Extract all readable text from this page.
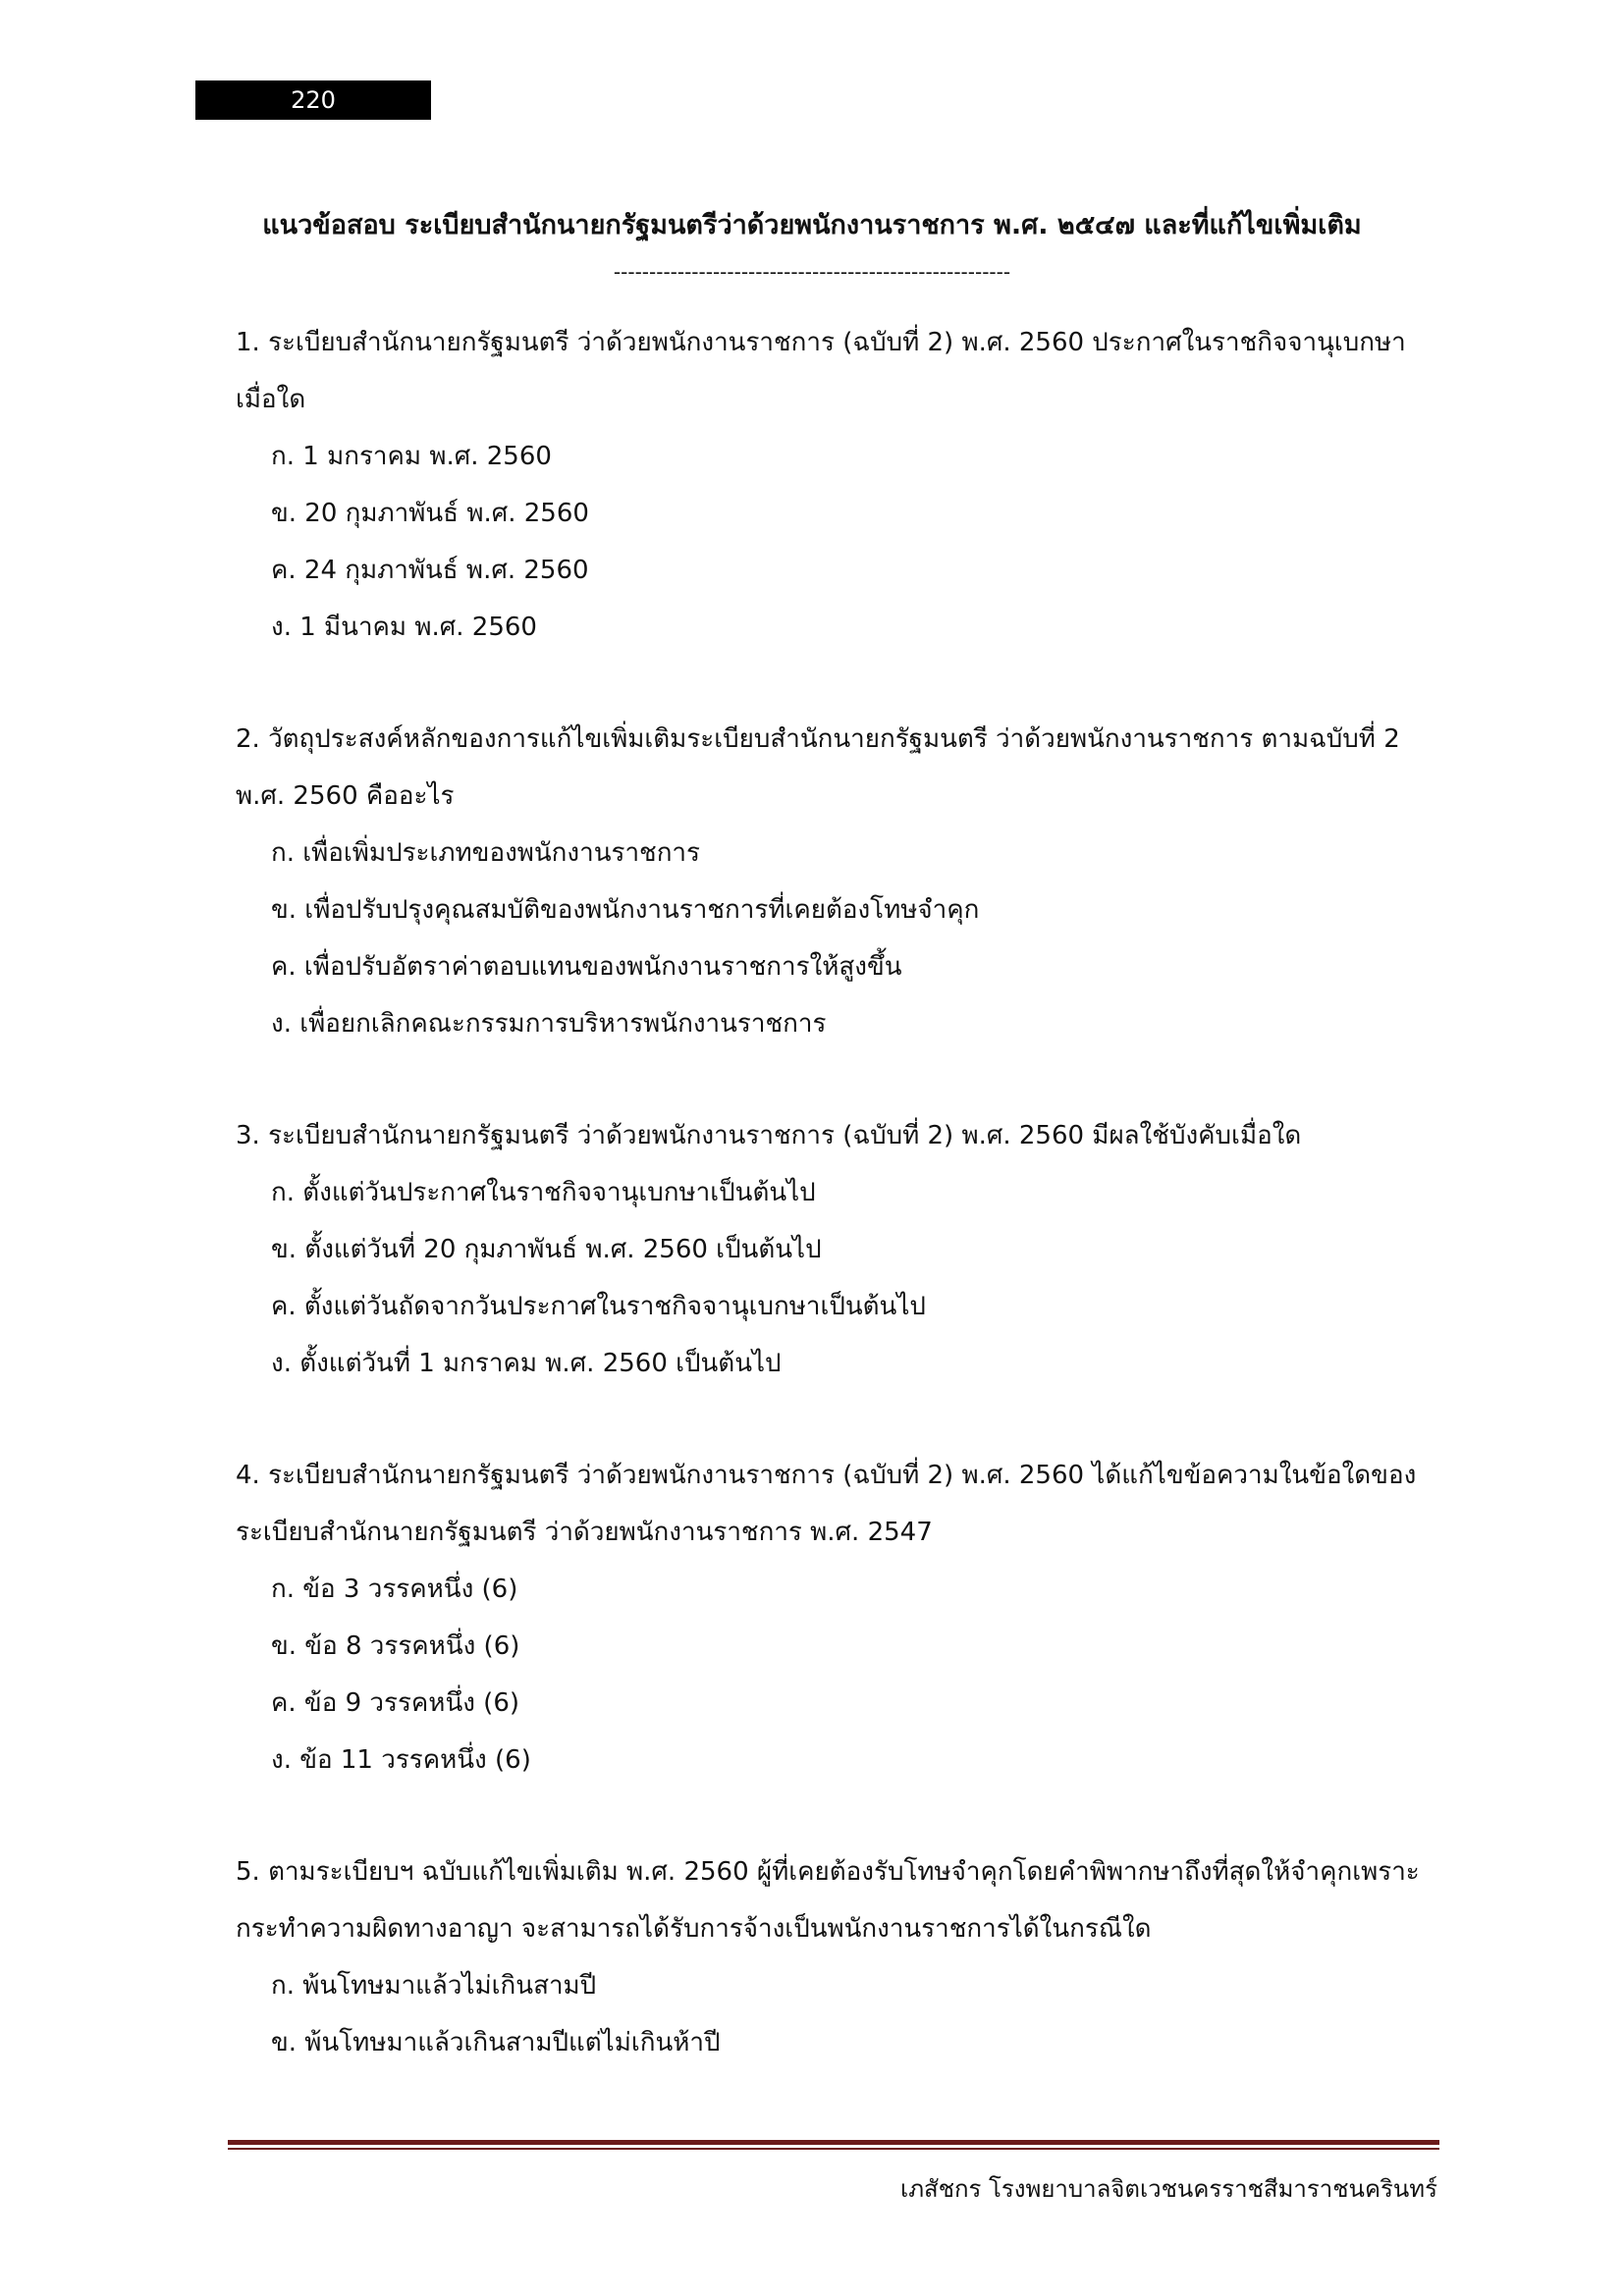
220
แนวข้อสอบ ระเบียบสำนักนายกรัฐมนตรีว่าด้วยพนักงานราชการ พ.ศ. ๒๕๔๗ และที่แก้ไขเพิ่มเติม
--------------------------------------------------------
1. ระเบียบสำนักนายกรัฐมนตรี ว่าด้วยพนักงานราชการ (ฉบับที่ 2) พ.ศ. 2560 ประกาศในราชกิจจานุเบกษาเมื่อใด
ก. 1 มกราคม พ.ศ. 2560
ข. 20 กุมภาพันธ์ พ.ศ. 2560
ค. 24 กุมภาพันธ์ พ.ศ. 2560
ง. 1 มีนาคม พ.ศ. 2560
2. วัตถุประสงค์หลักของการแก้ไขเพิ่มเติมระเบียบสำนักนายกรัฐมนตรี ว่าด้วยพนักงานราชการ ตามฉบับที่ 2 พ.ศ. 2560 คืออะไร
ก. เพื่อเพิ่มประเภทของพนักงานราชการ
ข. เพื่อปรับปรุงคุณสมบัติของพนักงานราชการที่เคยต้องโทษจำคุก
ค. เพื่อปรับอัตราค่าตอบแทนของพนักงานราชการให้สูงขึ้น
ง. เพื่อยกเลิกคณะกรรมการบริหารพนักงานราชการ
3. ระเบียบสำนักนายกรัฐมนตรี ว่าด้วยพนักงานราชการ (ฉบับที่ 2) พ.ศ. 2560 มีผลใช้บังคับเมื่อใด
ก. ตั้งแต่วันประกาศในราชกิจจานุเบกษาเป็นต้นไป
ข. ตั้งแต่วันที่ 20 กุมภาพันธ์ พ.ศ. 2560 เป็นต้นไป
ค. ตั้งแต่วันถัดจากวันประกาศในราชกิจจานุเบกษาเป็นต้นไป
ง. ตั้งแต่วันที่ 1 มกราคม พ.ศ. 2560 เป็นต้นไป
4. ระเบียบสำนักนายกรัฐมนตรี ว่าด้วยพนักงานราชการ (ฉบับที่ 2) พ.ศ. 2560 ได้แก้ไขข้อความในข้อใดของระเบียบสำนักนายกรัฐมนตรี ว่าด้วยพนักงานราชการ พ.ศ. 2547
ก. ข้อ 3 วรรคหนึ่ง (6)
ข. ข้อ 8 วรรคหนึ่ง (6)
ค. ข้อ 9 วรรคหนึ่ง (6)
ง. ข้อ 11 วรรคหนึ่ง (6)
5. ตามระเบียบฯ ฉบับแก้ไขเพิ่มเติม พ.ศ. 2560 ผู้ที่เคยต้องรับโทษจำคุกโดยคำพิพากษาถึงที่สุดให้จำคุกเพราะกระทำความผิดทางอาญา จะสามารถได้รับการจ้างเป็นพนักงานราชการได้ในกรณีใด
ก. พ้นโทษมาแล้วไม่เกินสามปี
ข. พ้นโทษมาแล้วเกินสามปีแต่ไม่เกินห้าปี
เภสัชกร โรงพยาบาลจิตเวชนครราชสีมาราชนครินทร์
